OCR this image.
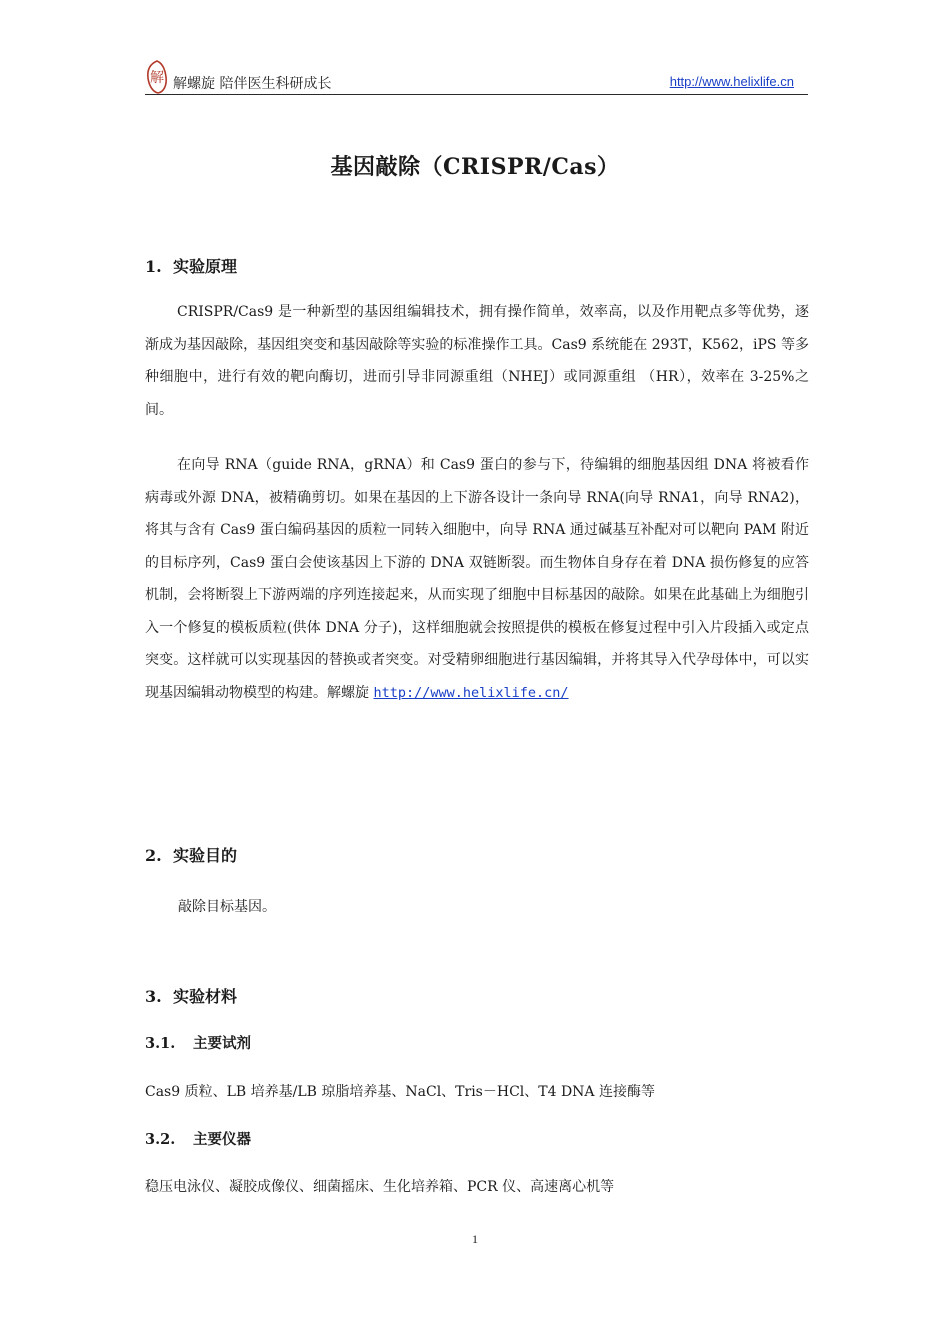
解 解螺旋 陪伴医生科研成长	http://www.helixlife.cn
基因敲除（CRISPR/Cas）
1. 实验原理

CRISPR/Cas9 是一种新型的基因组编辑技术，拥有操作简单，效率高，以及作用靶点多等优势，逐渐成为基因敲除，基因组突变和基因敲除等实验的标准操作工具。Cas9 系统能在 293T，K562，iPS 等多种细胞中，进行有效的靶向酶切，进而引导非同源重组（NHEJ）或同源重组 （HR），效率在 3-25%之间。

在向导 RNA（guide RNA，gRNA）和 Cas9 蛋白的参与下，待编辑的细胞基因组 DNA 将被看作病毒或外源 DNA，被精确剪切。如果在基因的上下游各设计一条向导 RNA(向导 RNA1，向导 RNA2)，将其与含有 Cas9 蛋白编码基因的质粒一同转入细胞中，向导 RNA 通过碱基互补配对可以靶向 PAM 附近的目标序列，Cas9 蛋白会使该基因上下游的 DNA 双链断裂。而生物体自身存在着 DNA 损伤修复的应答机制，会将断裂上下游两端的序列连接起来，从而实现了细胞中目标基因的敲除。如果在此基础上为细胞引入一个修复的模板质粒(供体 DNA 分子)，这样细胞就会按照提供的模板在修复过程中引入片段插入或定点突变。这样就可以实现基因的替换或者突变。对受精卵细胞进行基因编辑，并将其导入代孕母体中，可以实现基因编辑动物模型的构建。解螺旋 http://www.helixlife.cn/

2. 实验目的
敲除目标基因。
3. 实验材料
3.1. 主要试剂
Cas9 质粒、LB 培养基/LB 琼脂培养基、NaCl、Tris－HCl、T4 DNA 连接酶等
3.2. 主要仪器
稳压电泳仪、凝胶成像仪、细菌摇床、生化培养箱、PCR 仪、高速离心机等
1
